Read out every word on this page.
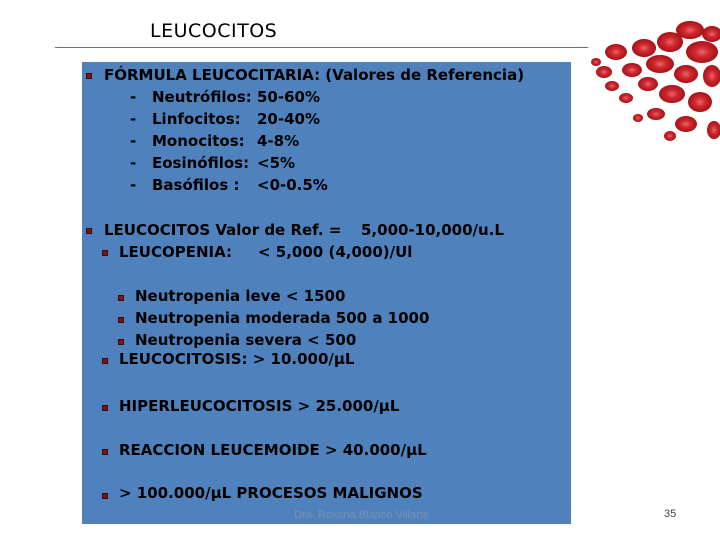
LEUCOCITOS
FÓRMULA LEUCOCITARIA: (Valores de Referencia)
- Neutrófilos: 50-60%
- Linfocitos: 20-40%
- Monocitos: 4-8%
- Eosinófilos: <5%
- Basófilos : <0-0.5%
LEUCOCITOS Valor de Ref. = 5,000-10,000/u.L
LEUCOPENIA: < 5,000 (4,000)/Ul
Neutropenia leve < 1500
Neutropenia moderada 500 a 1000
Neutropenia severa < 500
LEUCOCITOSIS: > 10.000/µL
HIPERLEUCOCITOSIS > 25.000/µL
REACCION LEUCEMOIDE > 40.000/µL
> 100.000/µL PROCESOS MALIGNOS
Dra. Roxana Blanco Villarte	35
